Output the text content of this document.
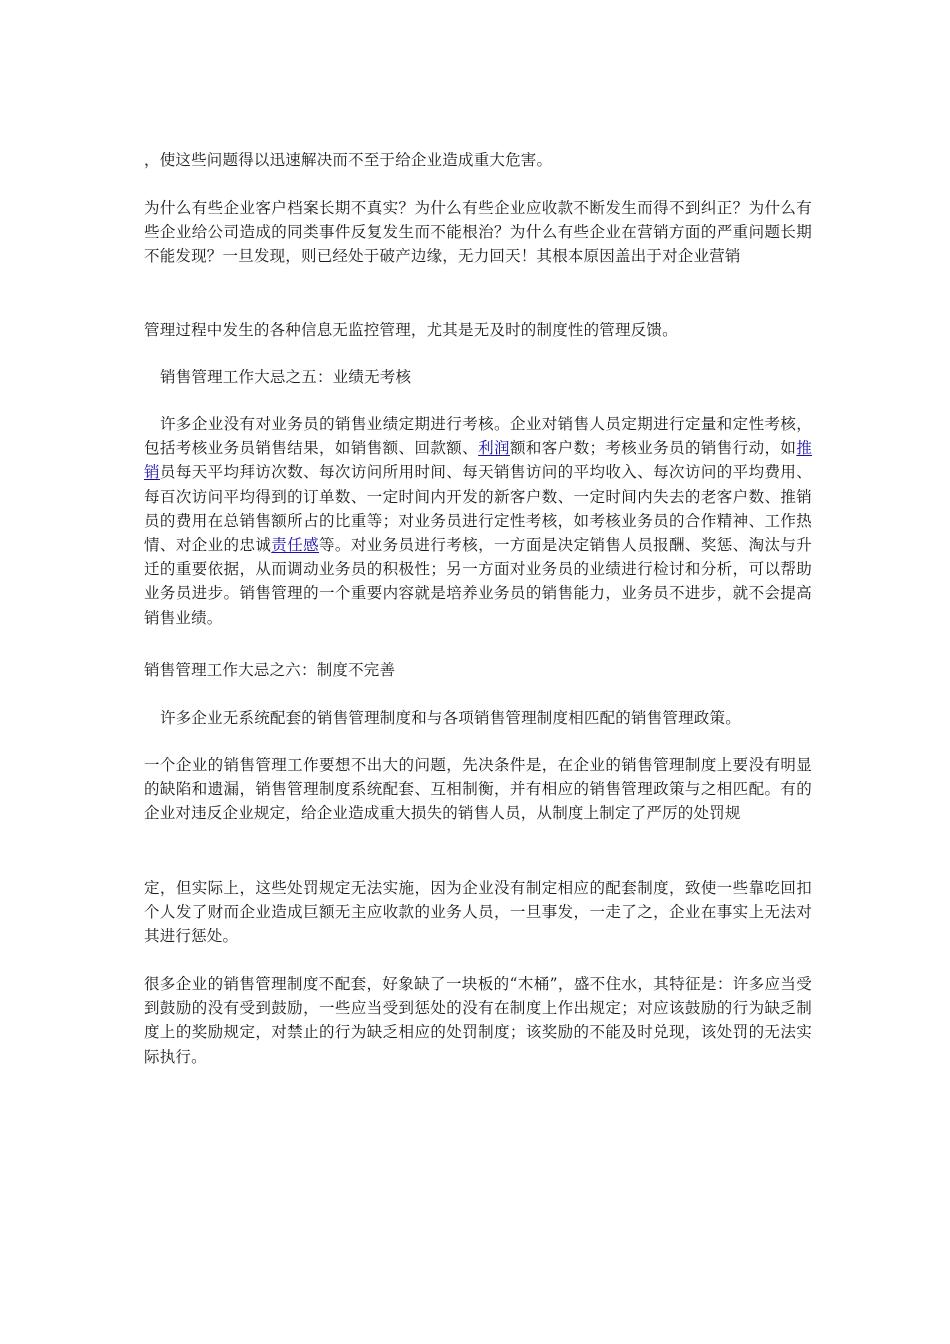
，使这些问题得以迅速解决而不至于给企业造成重大危害。

为什么有些企业客户档案长期不真实？为什么有些企业应收款不断发生而得不到纠正？为什么有些企业给公司造成的同类事件反复发生而不能根治？为什么有些企业在营销方面的严重问题长期不能发现？一旦发现，则已经处于破产边缘，无力回天！其根本原因盖出于对企业营销

管理过程中发生的各种信息无监控管理，尤其是无及时的制度性的管理反馈。

销售管理工作大忌之五：业绩无考核

许多企业没有对业务员的销售业绩定期进行考核。企业对销售人员定期进行定量和定性考核，包括考核业务员销售结果，如销售额、回款额、利润额和客户数；考核业务员的销售行动，如推销员每天平均拜访次数、每次访问所用时间、每天销售访问的平均收入、每次访问的平均费用、每百次访问平均得到的订单数、一定时间内开发的新客户数、一定时间内失去的老客户数、推销员的费用在总销售额所占的比重等；对业务员进行定性考核，如考核业务员的合作精神、工作热情、对企业的忠诚责任感等。对业务员进行考核，一方面是决定销售人员报酬、奖惩、淘汰与升迁的重要依据，从而调动业务员的积极性；另一方面对业务员的业绩进行检讨和分析，可以帮助业务员进步。销售管理的一个重要内容就是培养业务员的销售能力，业务员不进步，就不会提高销售业绩。

销售管理工作大忌之六：制度不完善

许多企业无系统配套的销售管理制度和与各项销售管理制度相匹配的销售管理政策。

一个企业的销售管理工作要想不出大的问题，先决条件是，在企业的销售管理制度上要没有明显的缺陷和遗漏，销售管理制度系统配套、互相制衡，并有相应的销售管理政策与之相匹配。有的企业对违反企业规定，给企业造成重大损失的销售人员，从制度上制定了严厉的处罚规

定，但实际上，这些处罚规定无法实施，因为企业没有制定相应的配套制度，致使一些靠吃回扣个人发了财而企业造成巨额无主应收款的业务人员，一旦事发，一走了之，企业在事实上无法对其进行惩处。

很多企业的销售管理制度不配套，好象缺了一块板的“木桶”，盛不住水，其特征是：许多应当受到鼓励的没有受到鼓励，一些应当受到惩处的没有在制度上作出规定；对应该鼓励的行为缺乏制度上的奖励规定，对禁止的行为缺乏相应的处罚制度；该奖励的不能及时兑现，该处罚的无法实际执行。
